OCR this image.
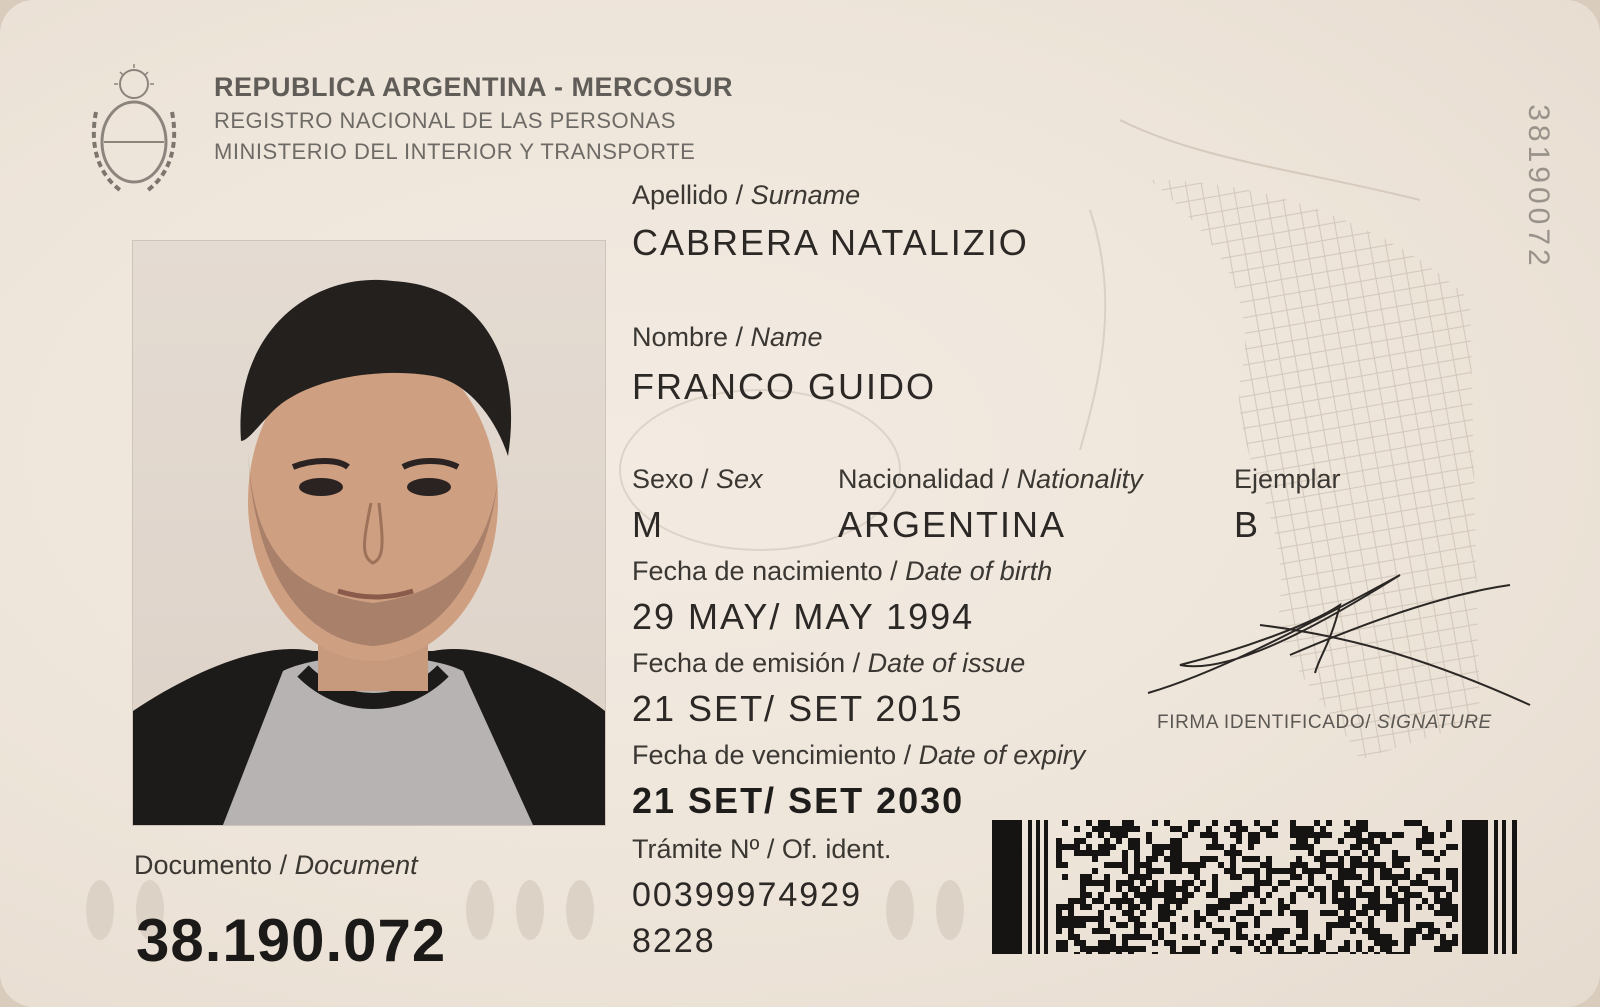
REPUBLICA ARGENTINA - MERCOSUR
REGISTRO NACIONAL DE LAS PERSONAS
MINISTERIO DEL INTERIOR Y TRANSPORTE	38190072
Apellido / Surname
CABRERA NATALIZIO
Nombre / Name
FRANCO GUIDO
Sexo / Sex
M
Nacionalidad / Nationality
ARGENTINA
Ejemplar
B
Fecha de nacimiento / Date of birth
29 MAY/ MAY 1994
Fecha de emisión / Date of issue
21 SET/ SET 2015
Fecha de vencimiento / Date of expiry
21 SET/ SET 2030
Trámite Nº / Of. ident.
00399974929
8228
Documento / Document
38.190.072
FIRMA IDENTIFICADO/ SIGNATURE
